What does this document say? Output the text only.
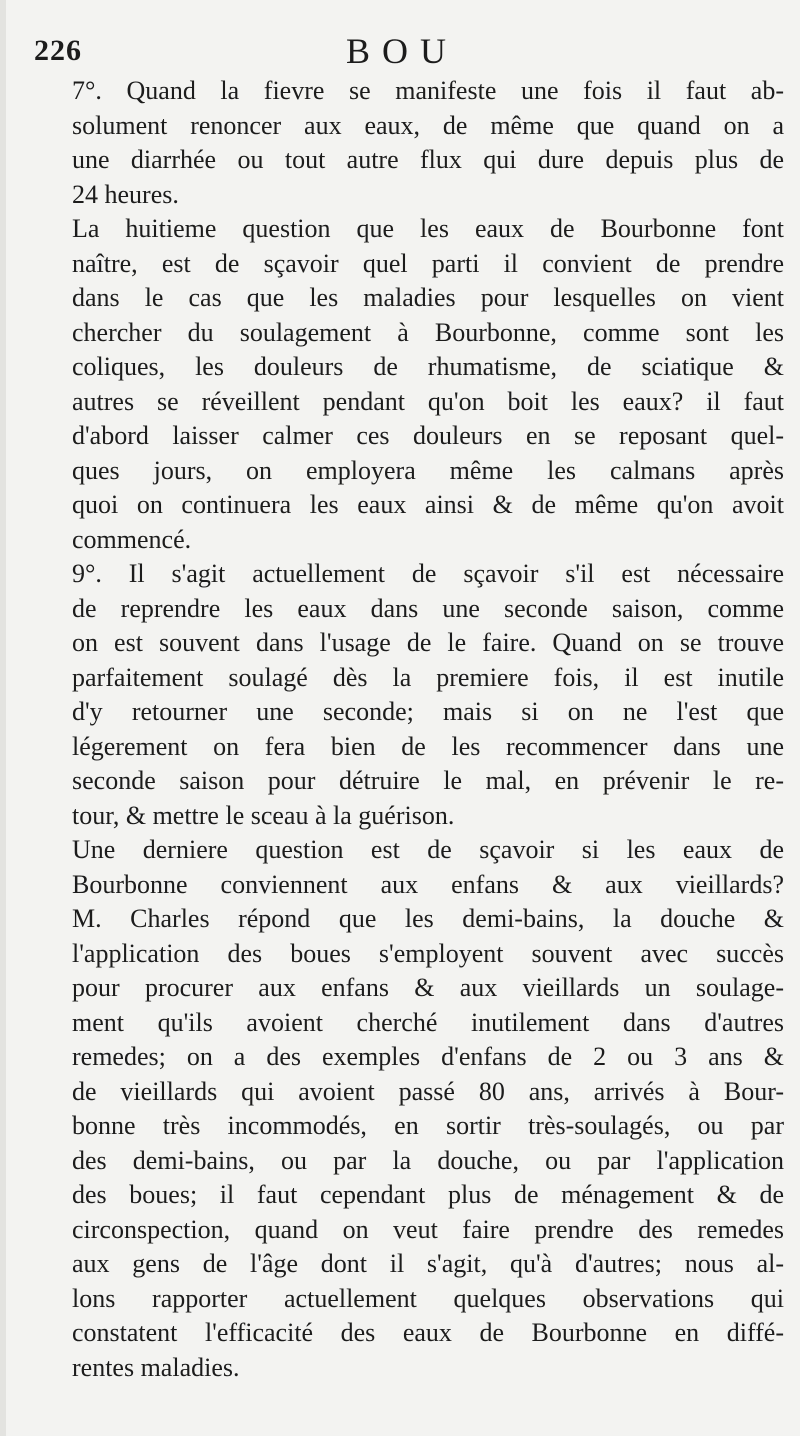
226	BOU

7°. Quand la fievre se manifeste une fois il faut ab-
solument renoncer aux eaux, de même que quand on a
une diarrhée ou tout autre flux qui dure depuis plus de
24 heures.

La huitieme question que les eaux de Bourbonne font
naître, est de sçavoir quel parti il convient de prendre
dans le cas que les maladies pour lesquelles on vient
chercher du soulagement à Bourbonne, comme sont les
coliques, les douleurs de rhumatisme, de sciatique &
autres se réveillent pendant qu'on boit les eaux? il faut
d'abord laisser calmer ces douleurs en se reposant quel-
ques jours, on employera même les calmans après
quoi on continuera les eaux ainsi & de même qu'on avoit
commencé.

9°. Il s'agit actuellement de sçavoir s'il est nécessaire
de reprendre les eaux dans une seconde saison, comme
on est souvent dans l'usage de le faire. Quand on se trouve
parfaitement soulagé dès la premiere fois, il est inutile
d'y retourner une seconde; mais si on ne l'est que
légerement on fera bien de les recommencer dans une
seconde saison pour détruire le mal, en prévenir le re-
tour, & mettre le sceau à la guérison.

Une derniere question est de sçavoir si les eaux de
Bourbonne conviennent aux enfans & aux vieillards?
M. Charles répond que les demi-bains, la douche &
l'application des boues s'employent souvent avec succès
pour procurer aux enfans & aux vieillards un soulage-
ment qu'ils avoient cherché inutilement dans d'autres
remedes; on a des exemples d'enfans de 2 ou 3 ans &
de vieillards qui avoient passé 80 ans, arrivés à Bour-
bonne très incommodés, en sortir très-soulagés, ou par
des demi-bains, ou par la douche, ou par l'application
des boues; il faut cependant plus de ménagement & de
circonspection, quand on veut faire prendre des remedes
aux gens de l'âge dont il s'agit, qu'à d'autres; nous al-
lons rapporter actuellement quelques observations qui
constatent l'efficacité des eaux de Bourbonne en diffé-
rentes maladies.
